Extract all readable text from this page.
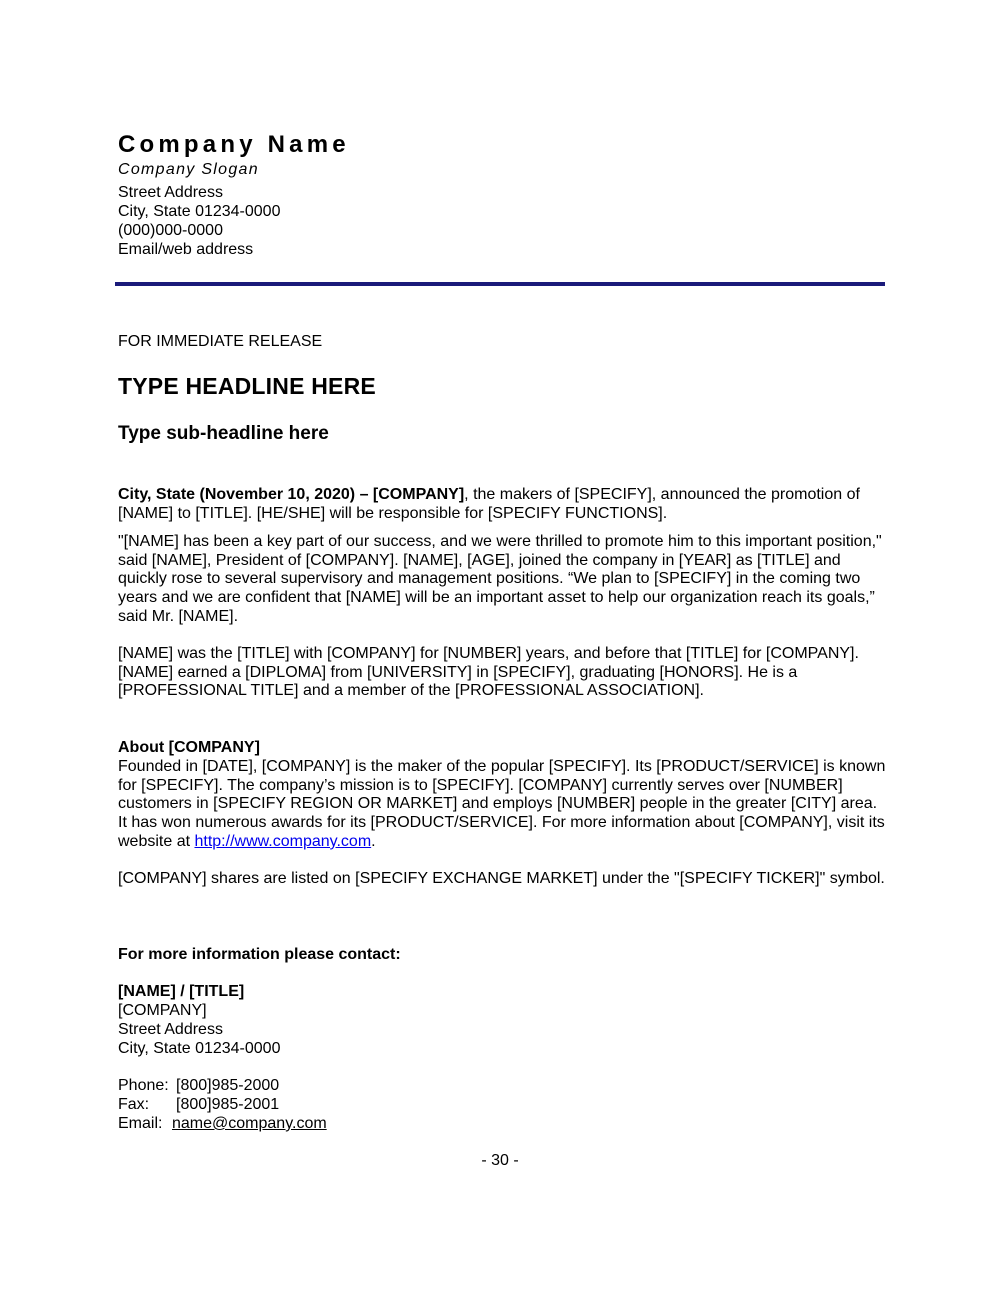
Company Name
Company Slogan
Street Address
City, State 01234-0000
(000)000-0000
Email/web address
FOR IMMEDIATE RELEASE
TYPE HEADLINE HERE
Type sub-headline here
City, State (November 10, 2020) – [COMPANY], the makers of [SPECIFY], announced the promotion of [NAME] to [TITLE]. [HE/SHE] will be responsible for [SPECIFY FUNCTIONS].
"[NAME] has been a key part of our success, and we were thrilled to promote him to this important position," said [NAME], President of [COMPANY]. [NAME], [AGE], joined the company in [YEAR] as [TITLE] and quickly rose to several supervisory and management positions. “We plan to [SPECIFY] in the coming two years and we are confident that [NAME] will be an important asset to help our organization reach its goals,” said Mr. [NAME].
[NAME] was the [TITLE] with [COMPANY] for [NUMBER] years, and before that [TITLE] for [COMPANY]. [NAME] earned a [DIPLOMA] from [UNIVERSITY] in [SPECIFY], graduating [HONORS]. He is a [PROFESSIONAL TITLE] and a member of the [PROFESSIONAL ASSOCIATION].
About [COMPANY]
Founded in [DATE], [COMPANY] is the maker of the popular [SPECIFY]. Its [PRODUCT/SERVICE] is known for [SPECIFY]. The company’s mission is to [SPECIFY]. [COMPANY] currently serves over [NUMBER] customers in [SPECIFY REGION OR MARKET] and employs [NUMBER] people in the greater [CITY] area. It has won numerous awards for its [PRODUCT/SERVICE]. For more information about [COMPANY], visit its website at http://www.company.com.
[COMPANY] shares are listed on [SPECIFY EXCHANGE MARKET] under the "[SPECIFY TICKER]" symbol.
For more information please contact:
[NAME] / [TITLE]
[COMPANY]
Street Address
City, State 01234-0000
Phone: [800]985-2000
Fax: [800]985-2001
Email: name@company.com
- 30 -
